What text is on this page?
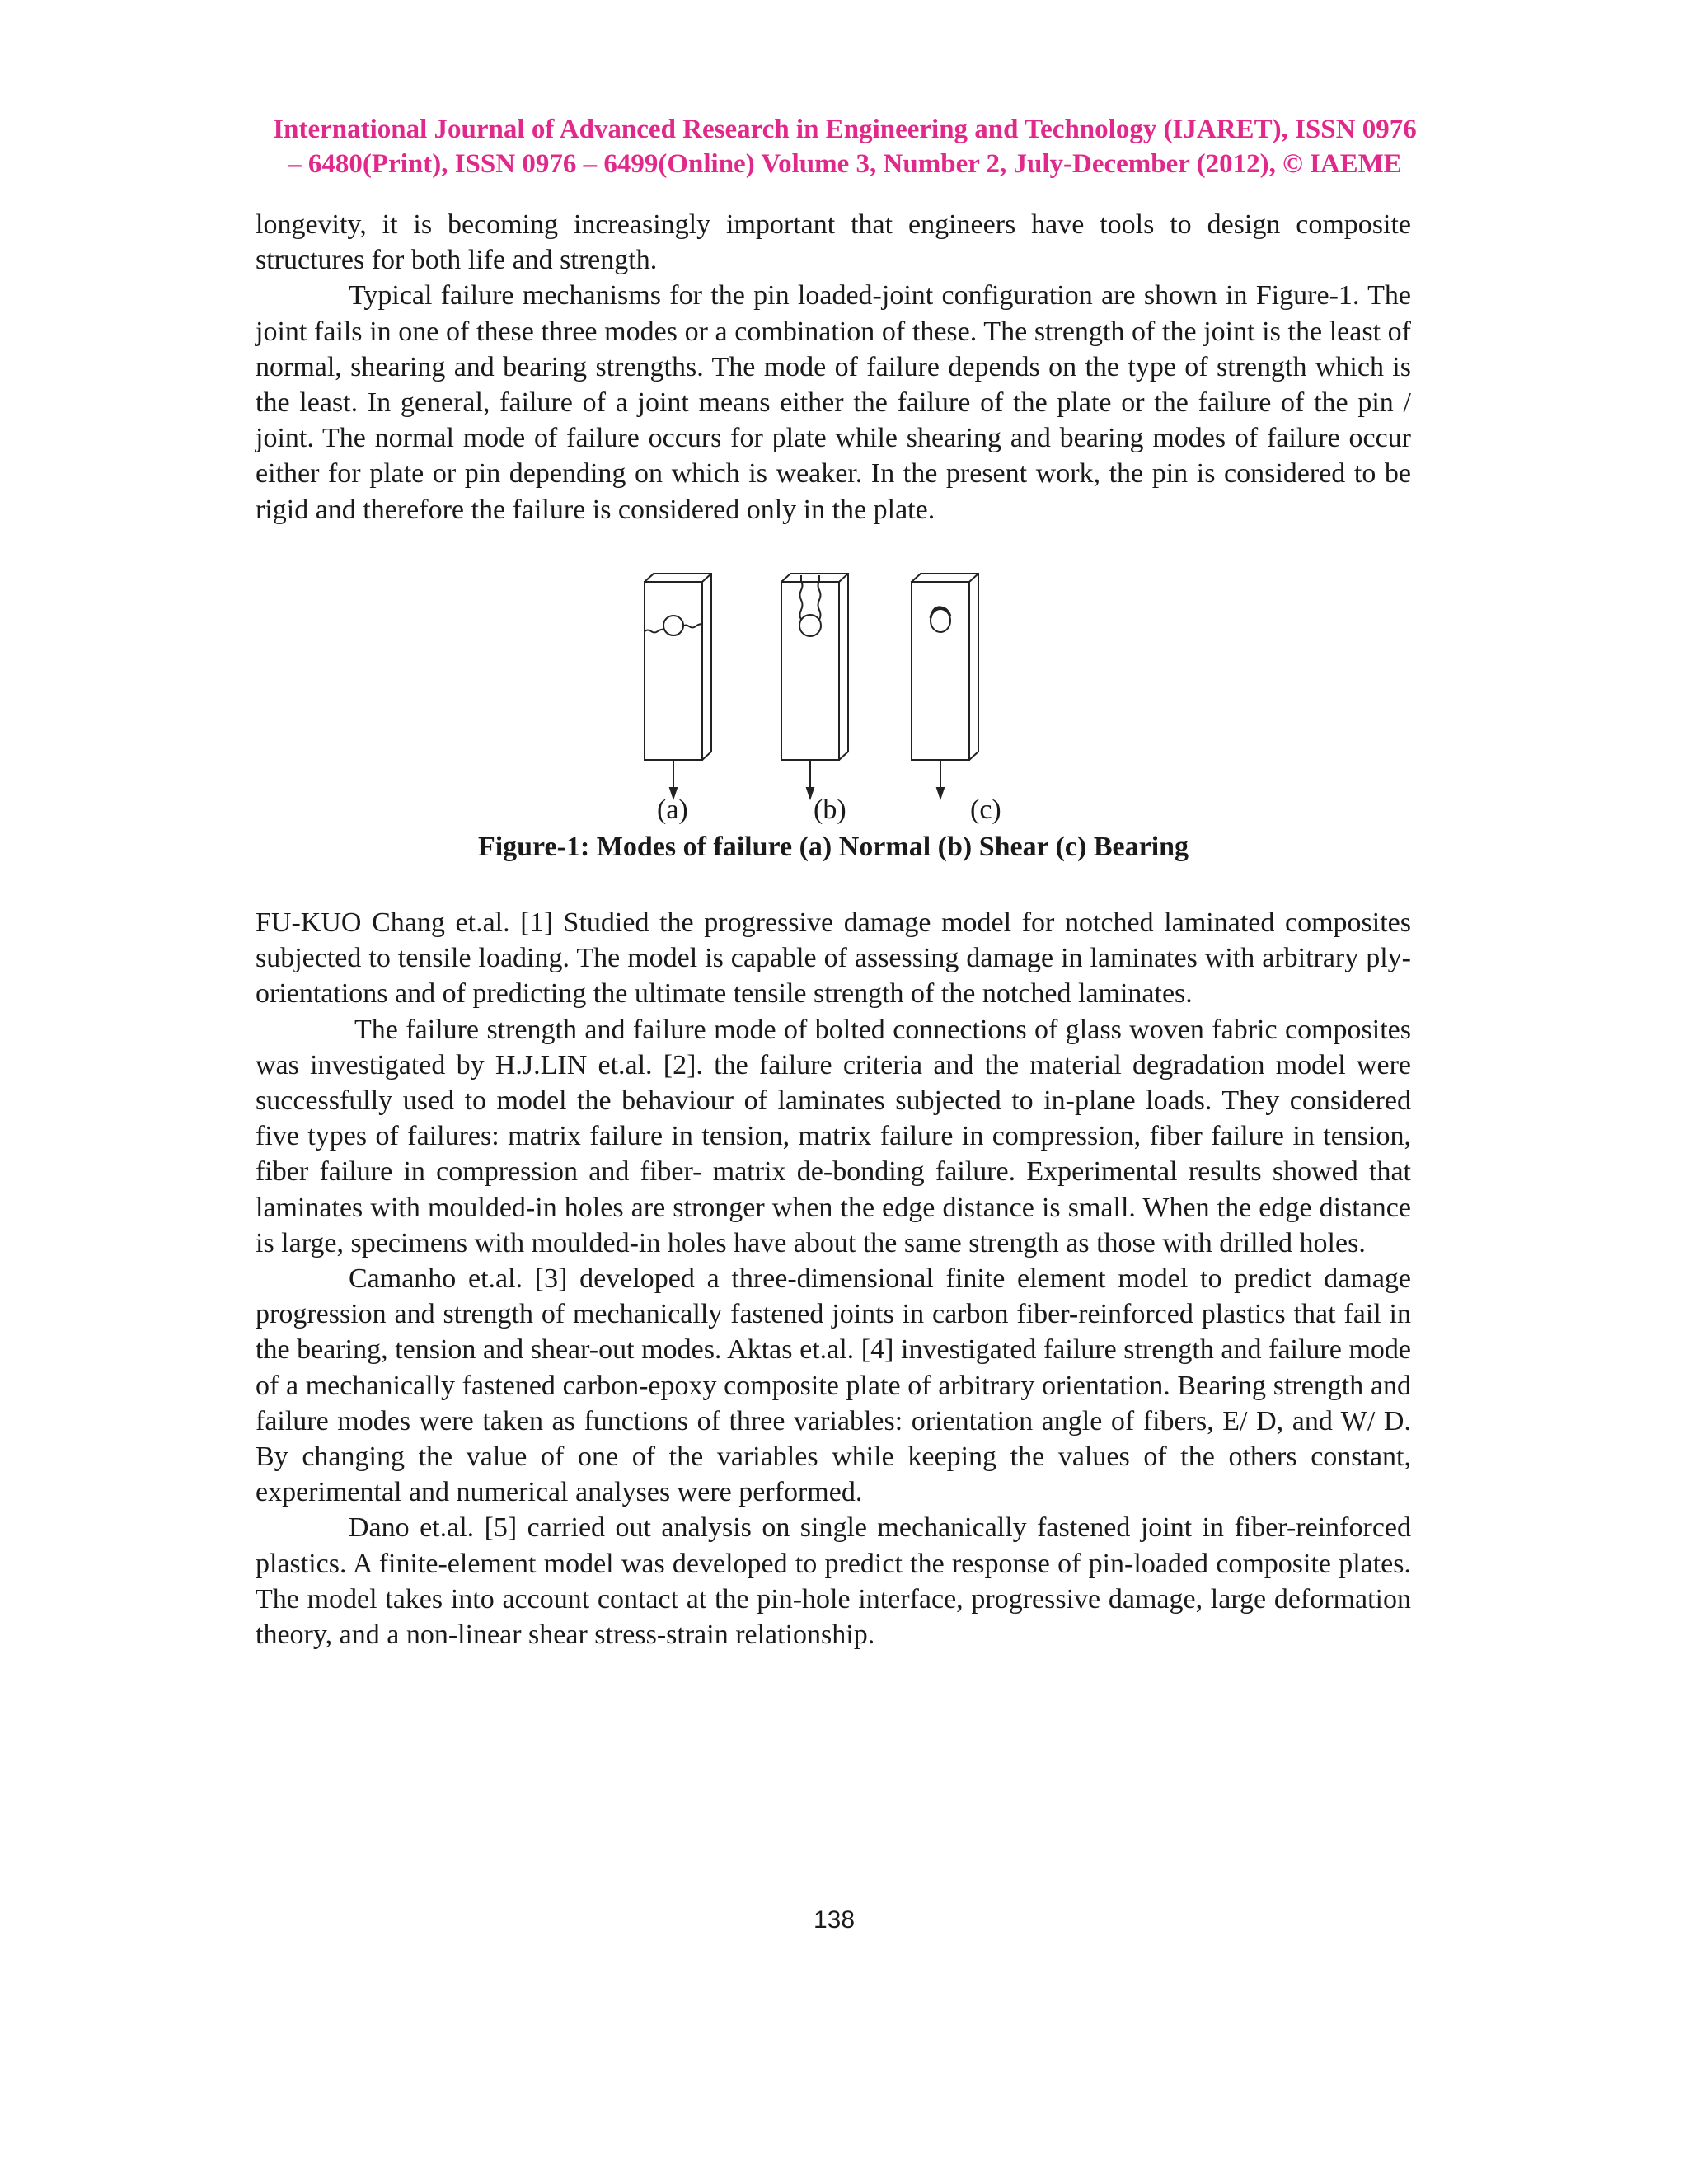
International Journal of Advanced Research in Engineering and Technology (IJARET), ISSN 0976

– 6480(Print), ISSN 0976 – 6499(Online) Volume 3, Number 2, July-December (2012), © IAEME

longevity, it is becoming increasingly important that engineers have tools to design composite structures for both life and strength.

Typical failure mechanisms for the pin loaded-joint configuration are shown in Figure-1. The joint fails in one of these three modes or a combination of these. The strength of the joint is the least of normal, shearing and bearing strengths. The mode of failure depends on the type of strength which is the least. In general, failure of a joint means either the failure of the plate or the failure of the pin / joint. The normal mode of failure occurs for plate while shearing and bearing modes of failure occur either for plate or pin depending on which is weaker. In the present work, the pin is considered to be rigid and therefore the failure is considered only in the plate.

(a)	(b)	(c)
Figure-1: Modes of failure (a) Normal (b) Shear (c) Bearing

FU-KUO Chang et.al. [1] Studied the progressive damage model for notched laminated composites subjected to tensile loading. The model is capable of assessing damage in laminates with arbitrary ply-orientations and of predicting the ultimate tensile strength of the notched laminates.

The failure strength and failure mode of bolted connections of glass woven fabric composites was investigated by H.J.LIN et.al. [2]. the failure criteria and the material degradation model were successfully used to model the behaviour of laminates subjected to in-plane loads. They considered five types of failures: matrix failure in tension, matrix failure in compression, fiber failure in tension, fiber failure in compression and fiber- matrix de-bonding failure. Experimental results showed that laminates with moulded-in holes are stronger when the edge distance is small. When the edge distance is large, specimens with moulded-in holes have about the same strength as those with drilled holes.

Camanho et.al. [3] developed a three-dimensional finite element model to predict damage progression and strength of mechanically fastened joints in carbon fiber-reinforced plastics that fail in the bearing, tension and shear-out modes. Aktas et.al. [4] investigated failure strength and failure mode of a mechanically fastened carbon-epoxy composite plate of arbitrary orientation. Bearing strength and failure modes were taken as functions of three variables: orientation angle of fibers, E/ D, and W/ D. By changing the value of one of the variables while keeping the values of the others constant, experimental and numerical analyses were performed.

Dano et.al. [5] carried out analysis on single mechanically fastened joint in fiber-reinforced plastics. A finite-element model was developed to predict the response of pin-loaded composite plates. The model takes into account contact at the pin-hole interface, progressive damage, large deformation theory, and a non-linear shear stress-strain relationship.

138
